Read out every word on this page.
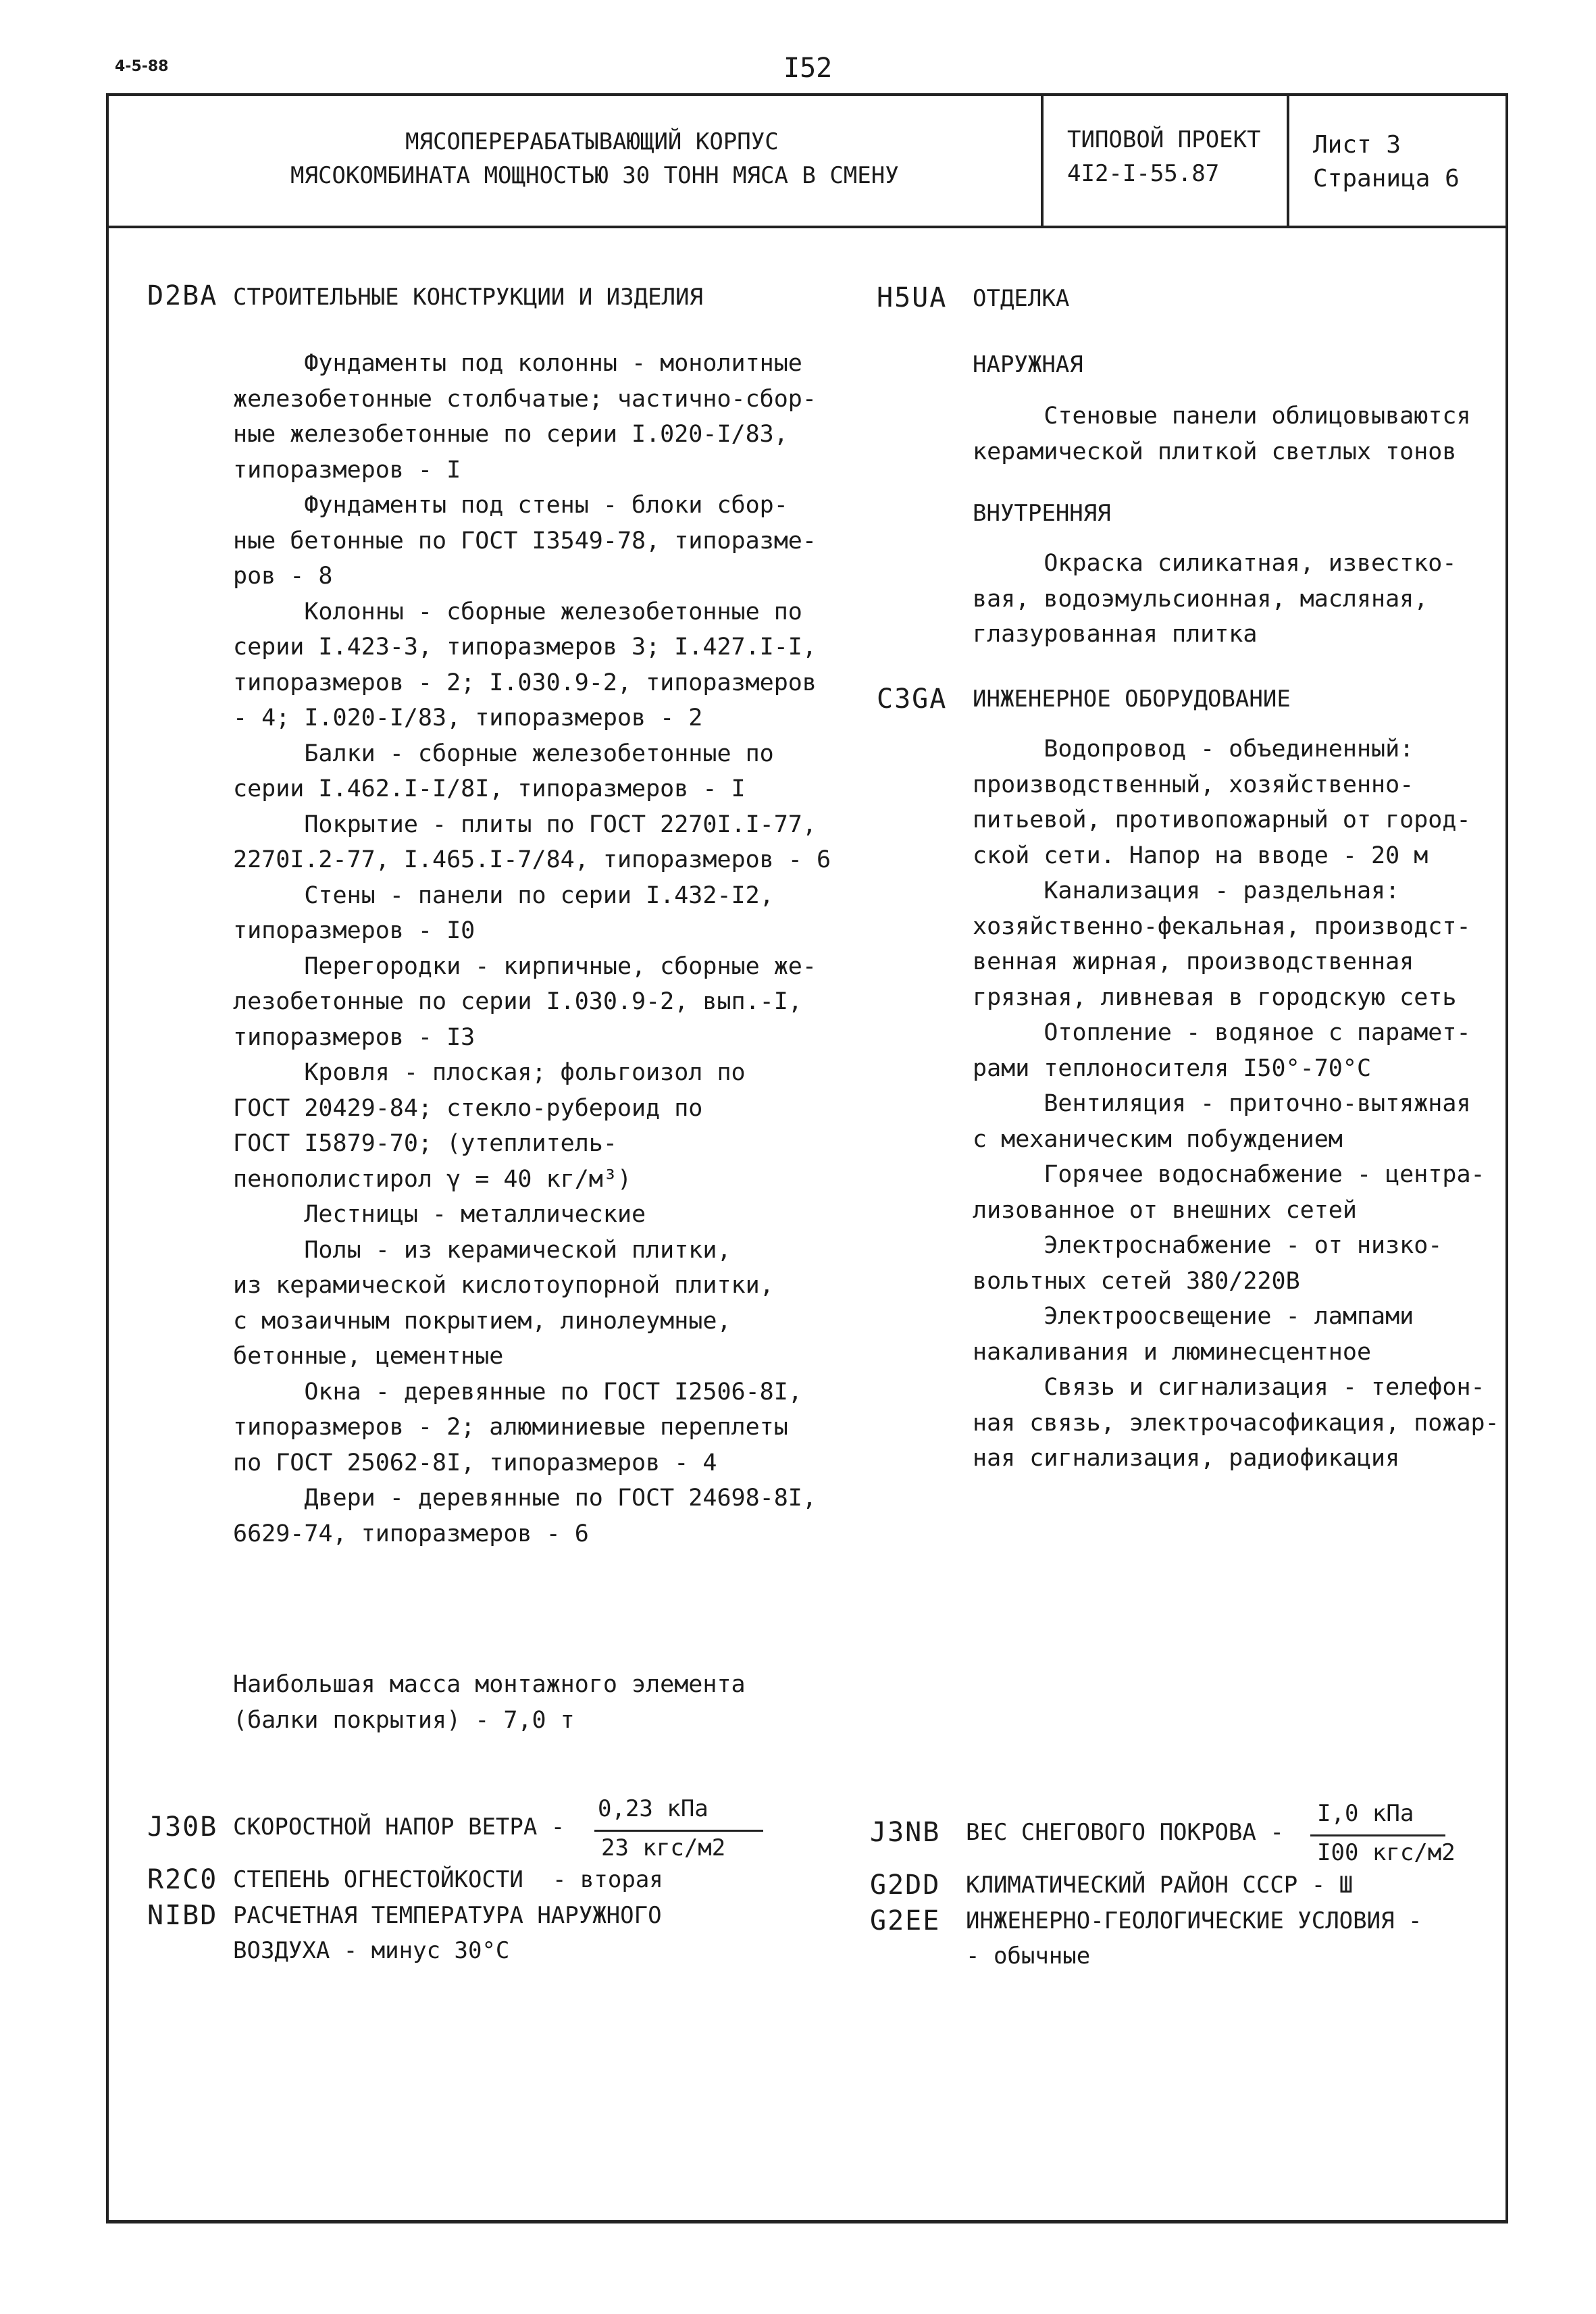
4-5-88	I52
МЯСОПЕРЕРАБАТЫВАЮЩИЙ КОРПУС
МЯСОКОМБИНАТА МОЩНОСТЬЮ 30 ТОНН МЯСА В СМЕНУ
ТИПОВОЙ ПРОЕКТ
4I2-I-55.87
Лист 3
Страница 6
D2BA СТРОИТЕЛЬНЫЕ КОНСТРУКЦИИ И ИЗДЕЛИЯ
Фундаменты под колонны - монолитные
железобетонные столбчатые; частично-сбор-
ные железобетонные по серии I.020-I/83,
типоразмеров - I
Фундаменты под стены - блоки сбор-
ные бетонные по ГОСТ I3549-78, типоразме-
ров - 8
Колонны - сборные железобетонные по
серии I.423-3, типоразмеров 3; I.427.I-I,
типоразмеров - 2; I.030.9-2, типоразмеров
- 4; I.020-I/83, типоразмеров - 2
Балки - сборные железобетонные по
серии I.462.I-I/8I, типоразмеров - I
Покрытие - плиты по ГОСТ 2270I.I-77,
2270I.2-77, I.465.I-7/84, типоразмеров - 6
Стены - панели по серии I.432-I2,
типоразмеров - I0
Перегородки - кирпичные, сборные же-
лезобетонные по серии I.030.9-2, вып.-I,
типоразмеров - I3
Кровля - плоская; фольгоизол по
ГОСТ 20429-84; стекло-рубероид по
ГОСТ I5879-70; (утеплитель-
пенополистирол γ = 40 кг/м³)
Лестницы - металлические
Полы - из керамической плитки,
из керамической кислотоупорной плитки,
с мозаичным покрытием, линолеумные,
бетонные, цементные
Окна - деревянные по ГОСТ I2506-8I,
типоразмеров - 2; алюминиевые переплеты
по ГОСТ 25062-8I, типоразмеров - 4
Двери - деревянные по ГОСТ 24698-8I,
6629-74, типоразмеров - 6
Наибольшая масса монтажного элемента
(балки покрытия) - 7,0 т
H5UA ОТДЕЛКА
НАРУЖНАЯ
Стеновые панели облицовываются
керамической плиткой светлых тонов
ВНУТРЕННЯЯ
Окраска силикатная, известко-
вая, водоэмульсионная, масляная,
глазурованная плитка
C3GA ИНЖЕНЕРНОЕ ОБОРУДОВАНИЕ
Водопровод - объединенный:
производственный, хозяйственно-
питьевой, противопожарный от город-
ской сети. Напор на вводе - 20 м
Канализация - раздельная:
хозяйственно-фекальная, производст-
венная жирная, производственная
грязная, ливневая в городскую сеть
Отопление - водяное с парамет-
рами теплоносителя I50°-70°С
Вентиляция - приточно-вытяжная
с механическим побуждением
Горячее водоснабжение - центра-
лизованное от внешних сетей
Электроснабжение - от низко-
вольтных сетей 380/220В
Электроосвещение - лампами
накаливания и люминесцентное
Связь и сигнализация - телефон-
ная связь, электрочасофикация, пожар-
ная сигнализация, радиофикация
J30B СКОРОСТНОЙ НАПОР ВЕТРА -
0,23 кПа
23 кгс/м2
R2C0 СТЕПЕНЬ ОГНЕСТОЙКОСТИ - вторая
NIBD РАСЧЕТНАЯ ТЕМПЕРАТУРА НАРУЖНОГО
ВОЗДУХА - минус 30°С
J3NB ВЕС СНЕГОВОГО ПОКРОВА -
I,0 кПа
I00 кгс/м2
G2DD КЛИМАТИЧЕСКИЙ РАЙОН СССР - Ш
G2EE ИНЖЕНЕРНО-ГЕОЛОГИЧЕСКИЕ УСЛОВИЯ -
- обычные
